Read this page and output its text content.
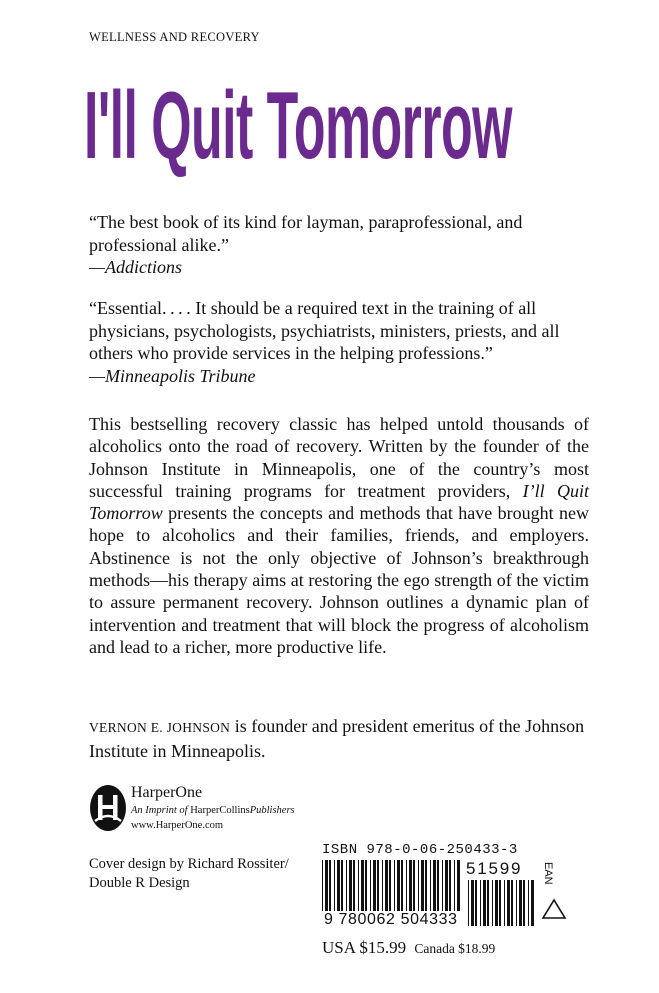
WELLNESS AND RECOVERY
I'll Quit Tomorrow
“The best book of its kind for layman, paraprofessional, and professional alike.”
—Addictions
“Essential. . . . It should be a required text in the training of all physicians, psychologists, psychiatrists, ministers, priests, and all others who provide services in the helping professions.”
—Minneapolis Tribune
This bestselling recovery classic has helped untold thousands of alcoholics onto the road of recovery. Written by the founder of the Johnson Institute in Minneapolis, one of the country’s most successful training programs for treatment providers, I’ll Quit Tomorrow presents the concepts and methods that have brought new hope to alcoholics and their families, friends, and employers. Abstinence is not the only objective of Johnson’s breakthrough methods—his therapy aims at restoring the ego strength of the victim to assure permanent recovery. Johnson outlines a dynamic plan of intervention and treatment that will block the progress of alcoholism and lead to a richer, more productive life.
VERNON E. JOHNSON is founder and president emeritus of the Johnson Institute in Minneapolis.
HarperOne
An Imprint of HarperCollinsPublishers
www.HarperOne.com
Cover design by Richard Rossiter/
Double R Design
ISBN 978-0-06-250433-3
51599
9 780062 504333
EAN
USA $15.99 Canada $18.99
